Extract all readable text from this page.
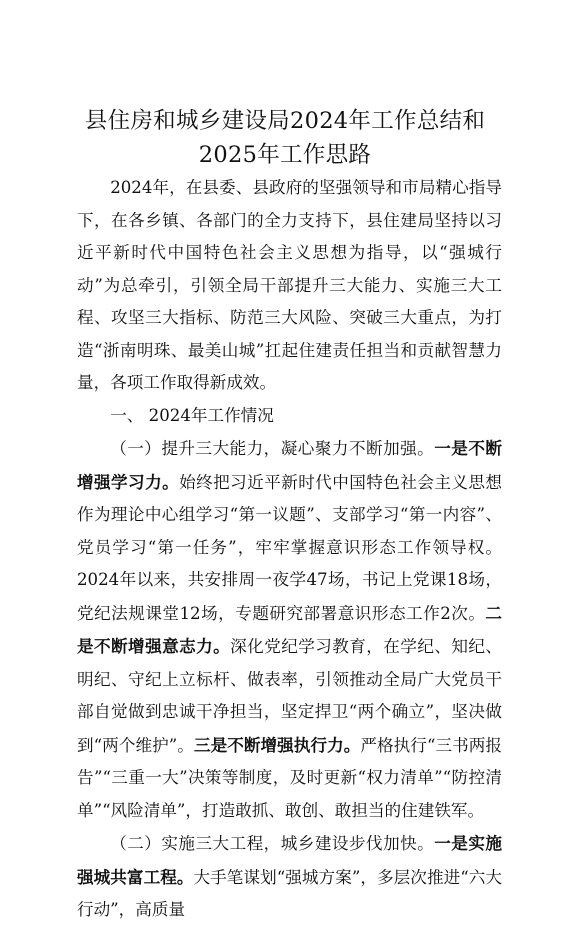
县住房和城乡建设局2024年工作总结和2025年工作思路

2024年，在县委、县政府的坚强领导和市局精心指导下，在各乡镇、各部门的全力支持下，县住建局坚持以习近平新时代中国特色社会主义思想为指导，以“强城行动”为总牵引，引领全局干部提升三大能力、实施三大工程、攻坚三大指标、防范三大风险、突破三大重点，为打造“浙南明珠、最美山城”扛起住建责任担当和贡献智慧力量，各项工作取得新成效。

一、 2024年工作情况

（一）提升三大能力，凝心聚力不断加强。一是不断增强学习力。始终把习近平新时代中国特色社会主义思想作为理论中心组学习“第一议题”、支部学习“第一内容”、党员学习“第一任务”，牢牢掌握意识形态工作领导权。2024年以来，共安排周一夜学47场，书记上党课18场，党纪法规课堂12场，专题研究部署意识形态工作2次。二是不断增强意志力。深化党纪学习教育，在学纪、知纪、明纪、守纪上立标杆、做表率，引领推动全局广大党员干部自觉做到忠诚干净担当，坚定捍卫“两个确立”，坚决做到“两个维护”。三是不断增强执行力。严格执行“三书两报告”“三重一大”决策等制度，及时更新“权力清单”“防控清单”“风险清单”，打造敢抓、敢创、敢担当的住建铁军。

（二）实施三大工程，城乡建设步伐加快。一是实施强城共富工程。大手笔谋划“强城方案”，多层次推进“六大行动”，高质量
